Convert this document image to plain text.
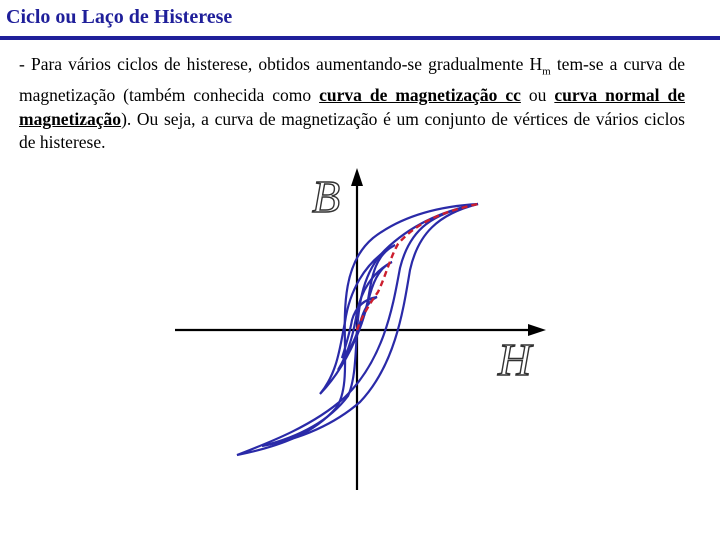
Ciclo ou Laço de Histerese
- Para vários ciclos de histerese, obtidos aumentando-se gradualmente $H_m$ tem-se a curva de magnetização (também conhecida como curva de magnetização cc ou curva normal de magnetização). Ou seja, a curva de magnetização é um conjunto de vértices de vários ciclos de histerese.
B
H
